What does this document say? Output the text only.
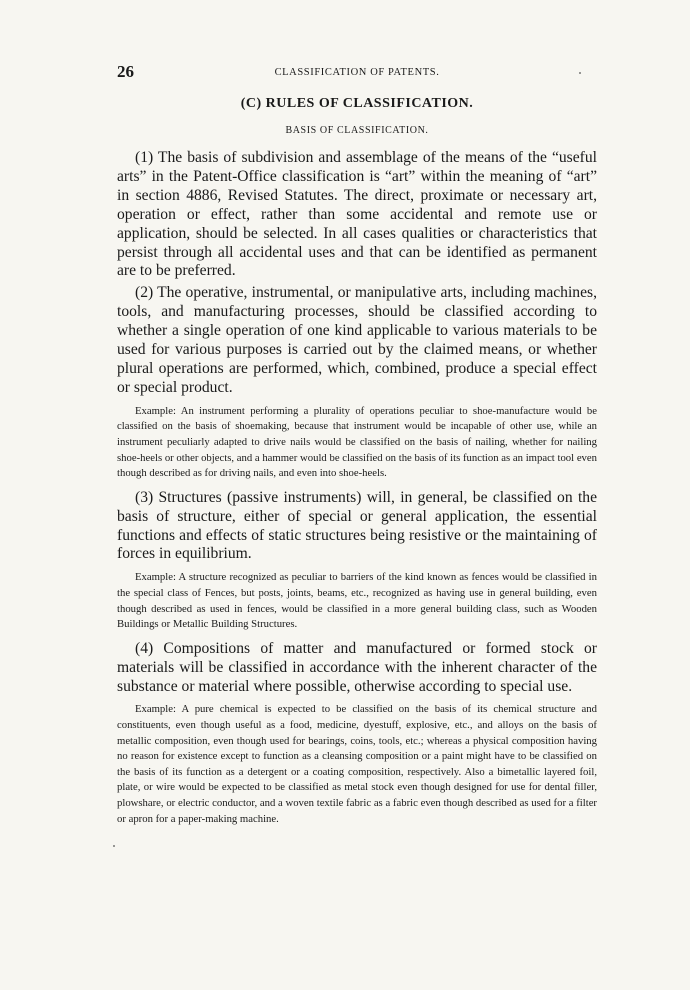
26	CLASSIFICATION OF PATENTS.
(C) RULES OF CLASSIFICATION.
BASIS OF CLASSIFICATION.

(1) The basis of subdivision and assemblage of the means of the “useful arts” in the Patent-Office classification is “art” within the meaning of “art” in section 4886, Revised Statutes. The direct, proximate or necessary art, operation or effect, rather than some accidental and remote use or application, should be selected. In all cases qualities or characteristics that persist through all accidental uses and that can be identified as permanent are to be preferred.

(2) The operative, instrumental, or manipulative arts, including machines, tools, and manufacturing processes, should be classified according to whether a single operation of one kind applicable to various materials to be used for various purposes is carried out by the claimed means, or whether plural operations are performed, which, combined, produce a special effect or special product.

Example: An instrument performing a plurality of operations peculiar to shoe-manufacture would be classified on the basis of shoemaking, because that instrument would be incapable of other use, while an instrument peculiarly adapted to drive nails would be classified on the basis of nailing, whether for nailing shoe-heels or other objects, and a hammer would be classified on the basis of its function as an impact tool even though described as for driving nails, and even into shoe-heels.

(3) Structures (passive instruments) will, in general, be classified on the basis of structure, either of special or general application, the essential functions and effects of static structures being resistive or the maintaining of forces in equilibrium.

Example: A structure recognized as peculiar to barriers of the kind known as fences would be classified in the special class of Fences, but posts, joints, beams, etc., recognized as having use in general building, even though described as used in fences, would be classified in a more general building class, such as Wooden Buildings or Metallic Building Structures.

(4) Compositions of matter and manufactured or formed stock or materials will be classified in accordance with the inherent character of the substance or material where possible, otherwise according to special use.

Example: A pure chemical is expected to be classified on the basis of its chemical structure and constituents, even though useful as a food, medicine, dyestuff, explosive, etc., and alloys on the basis of metallic composition, even though used for bearings, coins, tools, etc.; whereas a physical composition having no reason for existence except to function as a cleansing composition or a paint might have to be classified on the basis of its function as a detergent or a coating composition, respectively. Also a bimetallic layered foil, plate, or wire would be expected to be classified as metal stock even though designed for use for dental filler, plowshare, or electric conductor, and a woven textile fabric as a fabric even though described as used for a filter or apron for a paper-making machine.
